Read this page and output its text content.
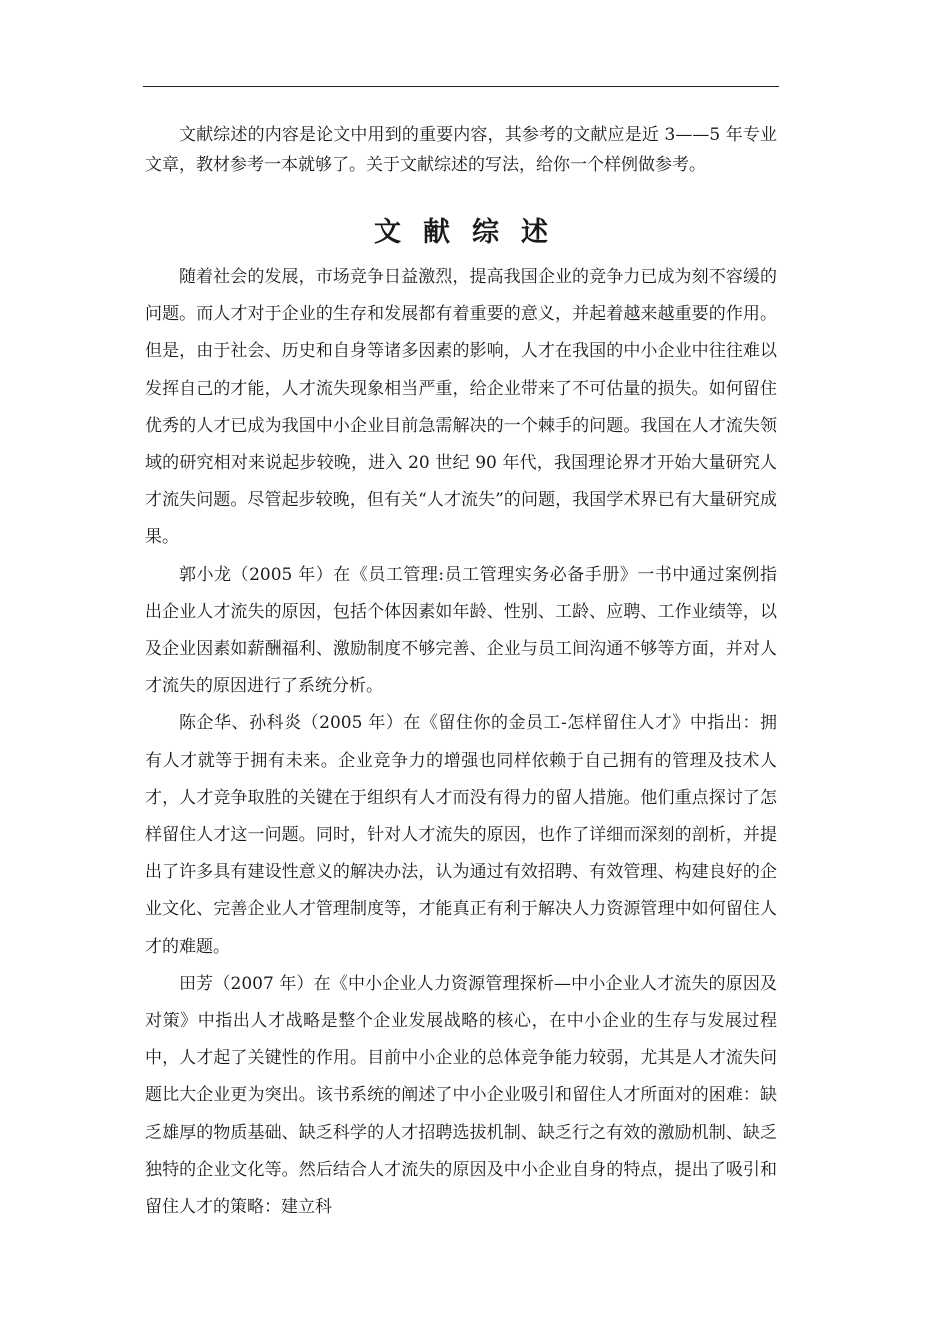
文献综述的内容是论文中用到的重要内容，其参考的文献应是近 3——5 年专业文章，教材参考一本就够了。关于文献综述的写法，给你一个样例做参考。

文献综述

随着社会的发展，市场竞争日益激烈，提高我国企业的竞争力已成为刻不容缓的问题。而人才对于企业的生存和发展都有着重要的意义，并起着越来越重要的作用。但是，由于社会、历史和自身等诸多因素的影响，人才在我国的中小企业中往往难以发挥自己的才能，人才流失现象相当严重，给企业带来了不可估量的损失。如何留住优秀的人才已成为我国中小企业目前急需解决的一个棘手的问题。我国在人才流失领域的研究相对来说起步较晚，进入 20 世纪 90 年代，我国理论界才开始大量研究人才流失问题。尽管起步较晚，但有关“人才流失”的问题，我国学术界已有大量研究成果。

郭小龙（2005 年）在《员工管理:员工管理实务必备手册》一书中通过案例指出企业人才流失的原因，包括个体因素如年龄、性别、工龄、应聘、工作业绩等，以及企业因素如薪酬福利、激励制度不够完善、企业与员工间沟通不够等方面，并对人才流失的原因进行了系统分析。

陈企华、孙科炎（2005 年）在《留住你的金员工-怎样留住人才》中指出：拥有人才就等于拥有未来。企业竞争力的增强也同样依赖于自己拥有的管理及技术人才，人才竞争取胜的关键在于组织有人才而没有得力的留人措施。他们重点探讨了怎样留住人才这一问题。同时，针对人才流失的原因，也作了详细而深刻的剖析，并提出了许多具有建设性意义的解决办法，认为通过有效招聘、有效管理、构建良好的企业文化、完善企业人才管理制度等，才能真正有利于解决人力资源管理中如何留住人才的难题。

田芳（2007 年）在《中小企业人力资源管理探析—中小企业人才流失的原因及对策》中指出人才战略是整个企业发展战略的核心，在中小企业的生存与发展过程中，人才起了关键性的作用。目前中小企业的总体竞争能力较弱，尤其是人才流失问题比大企业更为突出。该书系统的阐述了中小企业吸引和留住人才所面对的困难：缺乏雄厚的物质基础、缺乏科学的人才招聘选拔机制、缺乏行之有效的激励机制、缺乏独特的企业文化等。然后结合人才流失的原因及中小企业自身的特点，提出了吸引和留住人才的策略：建立科
